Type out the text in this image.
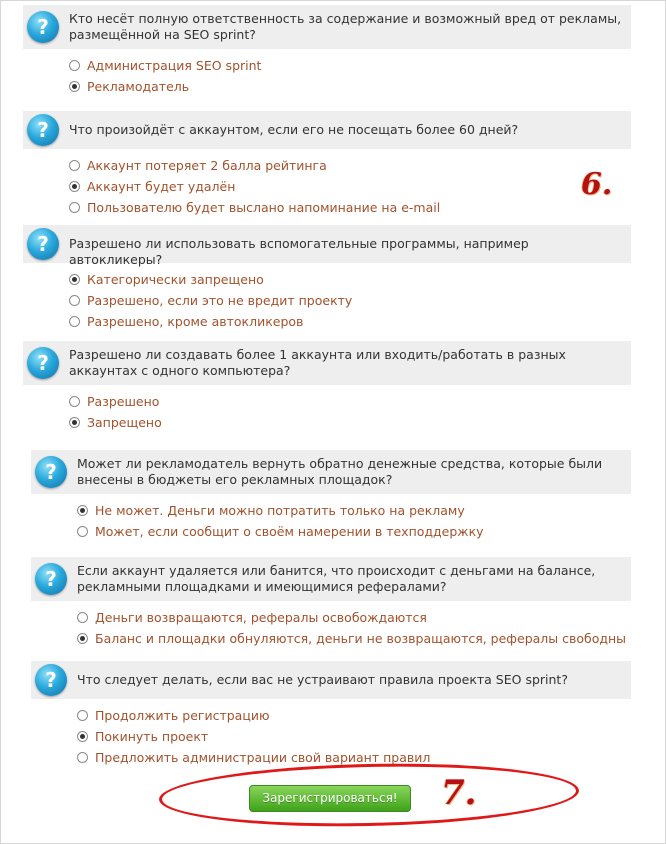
?	Кто несёт полную ответственность за содержание и возможный вред от рекламы, размещённой на SEO sprint?
Администрация SEO sprint
Рекламодатель
?	Что произойдёт с аккаунтом, если его не посещать более 60 дней?
Аккаунт потеряет 2 балла рейтинга
Аккаунт будет удалён
Пользователю будет выслано напоминание на e-mail
6.
?	Разрешено ли использовать вспомогательные программы, например автокликеры?
Категорически запрещено
Разрешено, если это не вредит проекту
Разрешено, кроме автокликеров
?	Разрешено ли создавать более 1 аккаунта или входить/работать в разных аккаунтах с одного компьютера?
Разрешено
Запрещено
?	Может ли рекламодатель вернуть обратно денежные средства, которые были внесены в бюджеты его рекламных площадок?
Не может. Деньги можно потратить только на рекламу
Может, если сообщит о своём намерении в техподдержку
?	Если аккаунт удаляется или банится, что происходит с деньгами на балансе, рекламными площадками и имеющимися рефералами?
Деньги возвращаются, рефералы освобождаются
Баланс и площадки обнуляются, деньги не возвращаются, рефералы свободны
?	Что следует делать, если вас не устраивают правила проекта SEO sprint?
Продолжить регистрацию
Покинуть проект
Предложить администрации свой вариант правил
Зарегистрироваться!	7.
